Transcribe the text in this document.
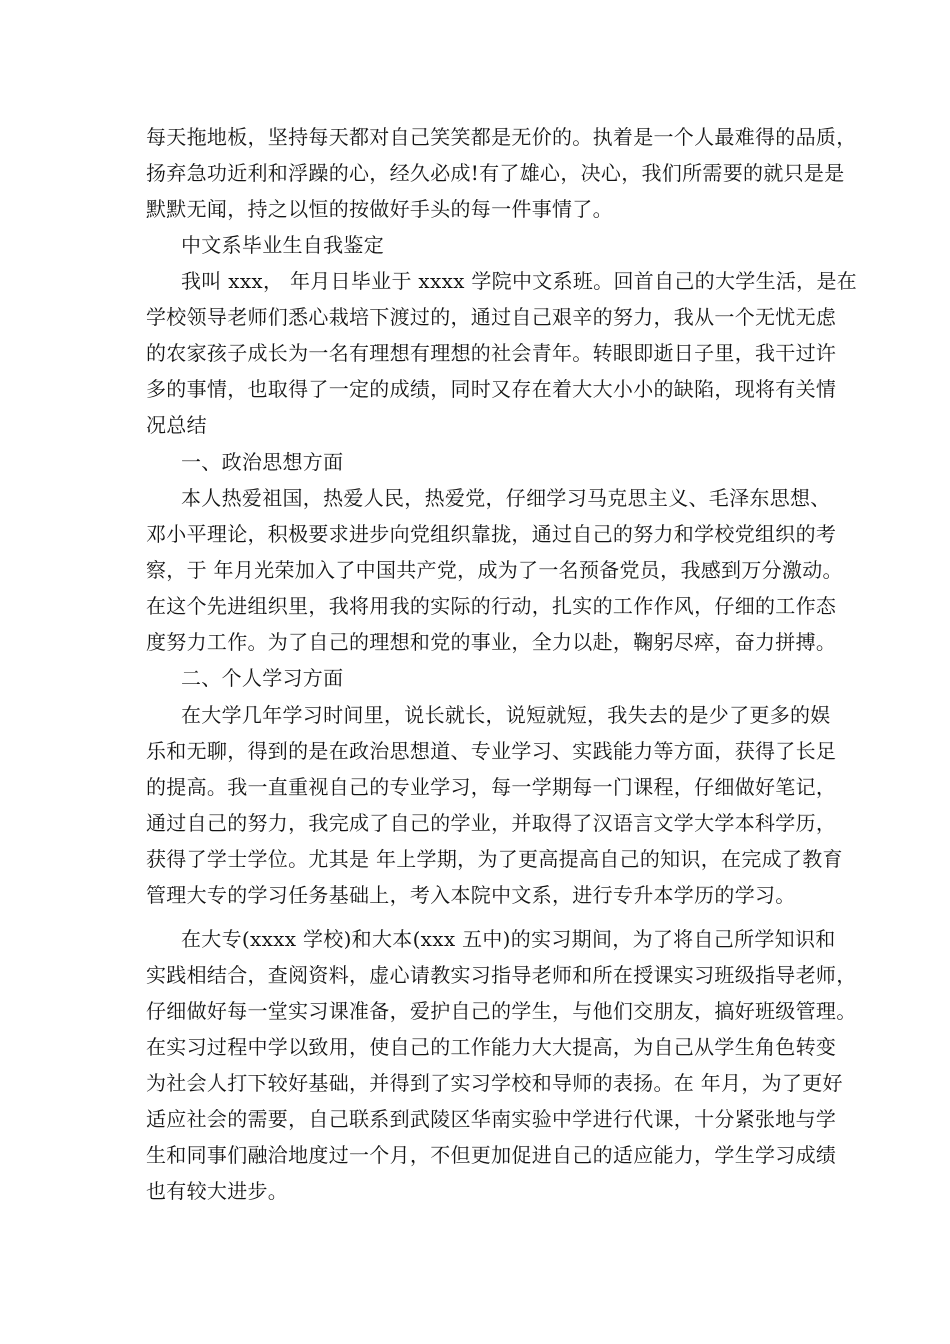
每天拖地板，坚持每天都对自己笑笑都是无价的。执着是一个人最难得的品质，
扬弃急功近利和浮躁的心，经久必成!有了雄心，决心，我们所需要的就只是是
默默无闻，持之以恒的按做好手头的每一件事情了。
中文系毕业生自我鉴定
我叫 xxx， 年月日毕业于 xxxx 学院中文系班。回首自己的大学生活，是在
学校领导老师们悉心栽培下渡过的，通过自己艰辛的努力，我从一个无忧无虑
的农家孩子成长为一名有理想有理想的社会青年。转眼即逝日子里，我干过许
多的事情，也取得了一定的成绩，同时又存在着大大小小的缺陷，现将有关情
况总结
一、政治思想方面
本人热爱祖国，热爱人民，热爱党，仔细学习马克思主义、毛泽东思想、
邓小平理论，积极要求进步向党组织靠拢，通过自己的努力和学校党组织的考
察，于 年月光荣加入了中国共产党，成为了一名预备党员，我感到万分激动。
在这个先进组织里，我将用我的实际的行动，扎实的工作作风，仔细的工作态
度努力工作。为了自己的理想和党的事业，全力以赴，鞠躬尽瘁，奋力拼搏。
二、个人学习方面
在大学几年学习时间里，说长就长，说短就短，我失去的是少了更多的娱
乐和无聊，得到的是在政治思想道、专业学习、实践能力等方面，获得了长足
的提高。我一直重视自己的专业学习，每一学期每一门课程，仔细做好笔记，
通过自己的努力，我完成了自己的学业，并取得了汉语言文学大学本科学历，
获得了学士学位。尤其是 年上学期，为了更高提高自己的知识，在完成了教育
管理大专的学习任务基础上，考入本院中文系，进行专升本学历的学习。
在大专(xxxx 学校)和大本(xxx 五中)的实习期间，为了将自己所学知识和
实践相结合，查阅资料，虚心请教实习指导老师和所在授课实习班级指导老师，
仔细做好每一堂实习课准备，爱护自己的学生，与他们交朋友，搞好班级管理。
在实习过程中学以致用，使自己的工作能力大大提高，为自己从学生角色转变
为社会人打下较好基础，并得到了实习学校和导师的表扬。在 年月，为了更好
适应社会的需要，自己联系到武陵区华南实验中学进行代课，十分紧张地与学
生和同事们融洽地度过一个月，不但更加促进自己的适应能力，学生学习成绩
也有较大进步。
